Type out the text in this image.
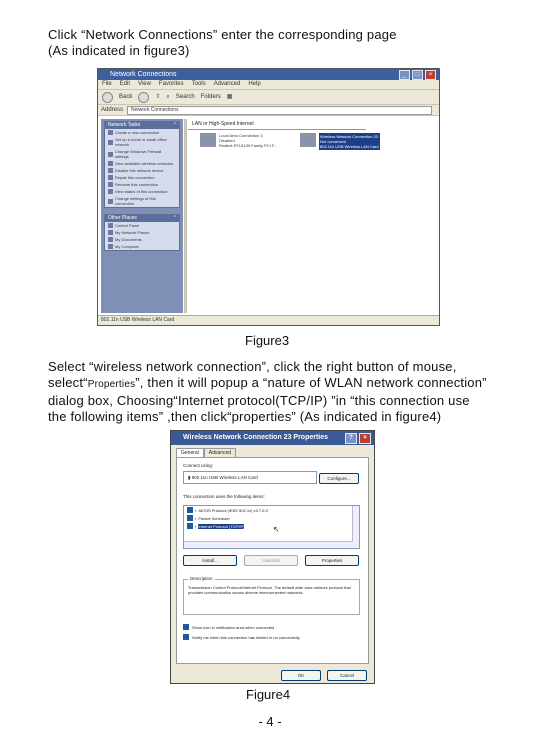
Click “Network Connections” enter the corresponding page
(As indicated in figure3)
Network Connections	_	□	×
File Edit View Favorites Tools Advanced Help
Back	⇧ ⌕ Search Folders ▦
Address	Network Connections
Network Tasks	⌃
Create a new connection
Set up a home or small office network
Change Windows Firewall settings
View available wireless networks
Disable this network device
Repair this connection
Rename this connection
View status of this connection
Change settings of this connection
Other Places	⌃
Control Panel
My Network Places
My Documents
My Computer
LAN or High-Speed Internet
Local Area Connection 3
Disabled
Realtek RTL8139 Family PCI F...
Wireless Network Connection 23
Not connected
802.11n USB Wireless LAN Card
802.11n USB Wireless LAN Card
Figure3
Select “wireless network connection”, click the right button of mouse,
select“Properties”, then it will popup a “nature of WLAN network connection”
dialog box, Choosing“Internet protocol(TCP/IP) ”in “this connection use
the following items” ,then click“properties” (As indicated in figure4)
Wireless Network Connection 23 Properties	?	×
General	Advanced
Connect using:
▮ 802.11n USB Wireless LAN Card	Configure...
This connection uses the following items:
▪ AEGIS Protocol (IEEE 802.1x) v3.7.6.0
▪ Packet Scheduler
▪ Internet Protocol (TCP/IP)	↖
Install...	Uninstall	Properties
Description
Transmission Control Protocol/Internet Protocol. The default wide area network protocol that provides communication across diverse interconnected networks.
Show icon in notification area when connected
Notify me when this connection has limited or no connectivity
OK	Cancel
Figure4
- 4 -
